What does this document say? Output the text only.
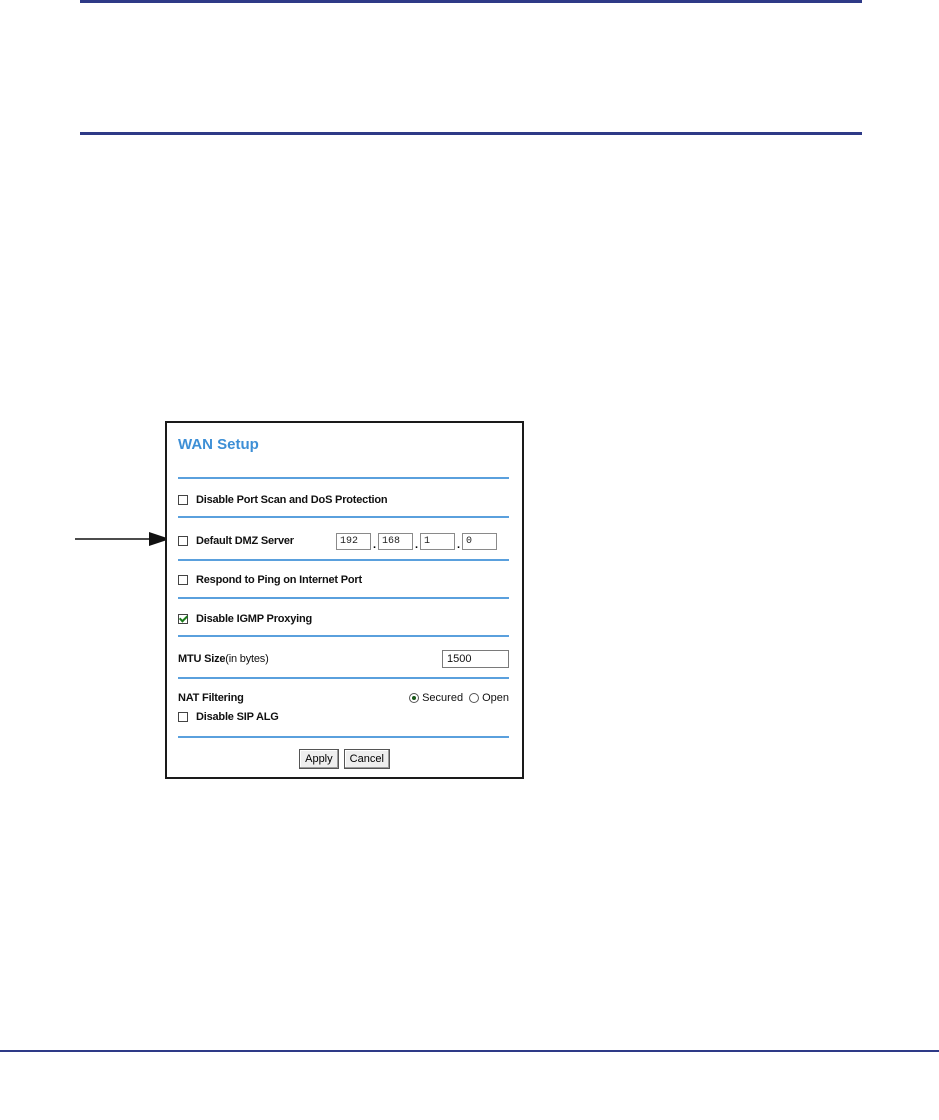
WAN Setup
Disable Port Scan and DoS Protection
Default DMZ Server	192	. 168	. 1	. 0
Respond to Ping on Internet Port
Disable IGMP Proxying
MTU Size(in bytes)	1500
NAT Filtering	Secured Open
Disable SIP ALG
Apply	Cancel
